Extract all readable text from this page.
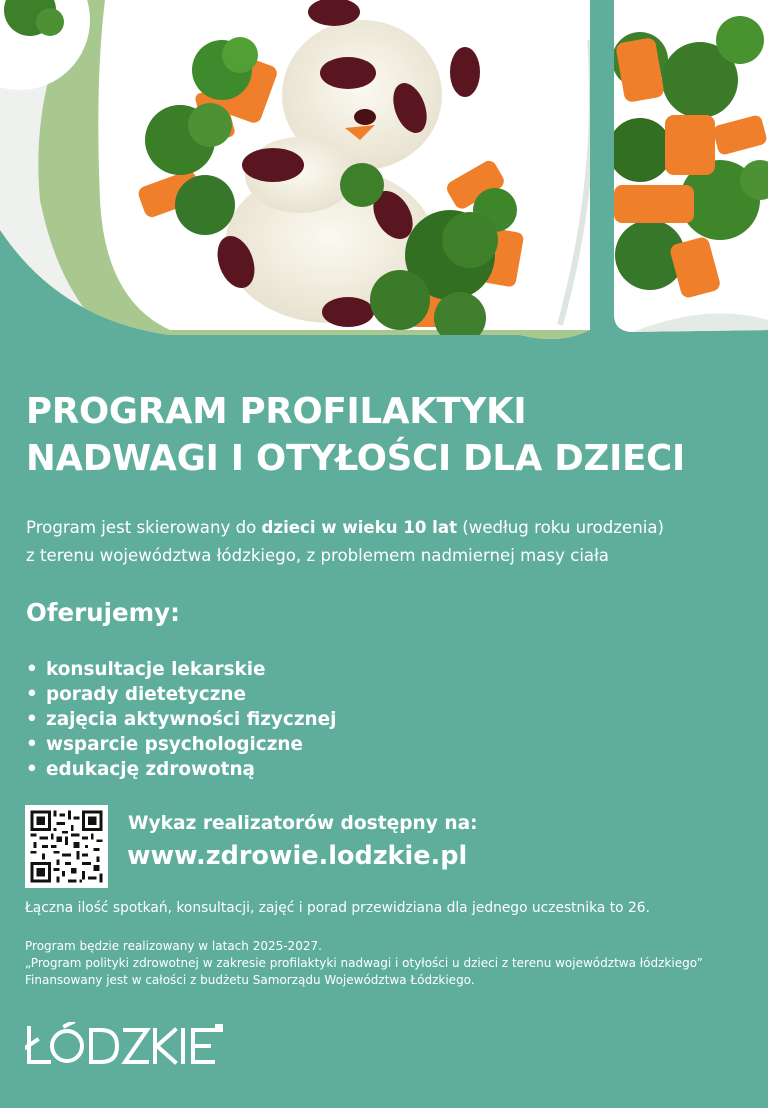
PROGRAM PROFILAKTYKI
NADWAGI I OTYŁOŚCI DLA DZIECI
Program jest skierowany do dzieci w wieku 10 lat (według roku urodzenia)
z terenu województwa łódzkiego, z problemem nadmiernej masy ciała
Oferujemy:
• konsultacje lekarskie
• porady dietetyczne
• zajęcia aktywności fizycznej
• wsparcie psychologiczne
• edukację zdrowotną
Wykaz realizatorów dostępny na:
www.zdrowie.lodzkie.pl
Łączna ilość spotkań, konsultacji, zajęć i porad przewidziana dla jednego uczestnika to 26.
Program będzie realizowany w latach 2025-2027.
„Program polityki zdrowotnej w zakresie profilaktyki nadwagi i otyłości u dzieci z terenu województwa łódzkiego”
Finansowany jest w całości z budżetu Samorządu Województwa Łódzkiego.
